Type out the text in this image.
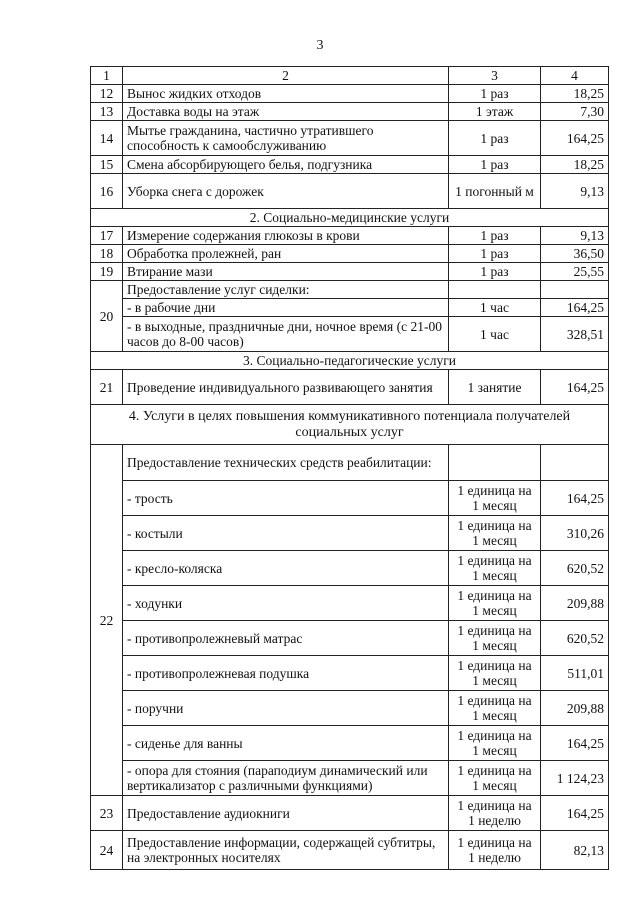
3
1	2	3	4
12	Вынос жидких отходов	1 раз	18,25
13	Доставка воды на этаж	1 этаж	7,30
14	Мытье гражданина, частично утратившего способность к самообслуживанию	1 раз	164,25
15	Смена абсорбирующего белья, подгузника	1 раз	18,25
16	Уборка снега с дорожек	1 погонный м	9,13
2. Социально-медицинские услуги			
17	Измерение содержания глюкозы в крови	1 раз	9,13
18	Обработка пролежней, ран	1 раз	36,50
19	Втирание мази	1 раз	25,55
20	Предоставление услуг сиделки:		
	- в рабочие дни	1 час	164,25
	- в выходные, праздничные дни, ночное время (с 21-00 часов до 8-00 часов)	1 час	328,51
3. Социально-педагогические услуги			
21	Проведение индивидуального развивающего занятия	1 занятие	164,25
4. Услуги в целях повышения коммуникативного потенциала получателей социальных услуг			
22	Предоставление технических средств реабилитации:		
	- трость	1 единица на 1 месяц	164,25
	- костыли	1 единица на 1 месяц	310,26
	- кресло-коляска	1 единица на 1 месяц	620,52
	- ходунки	1 единица на 1 месяц	209,88
	- противопролежневый матрас	1 единица на 1 месяц	620,52
	- противопролежневая подушка	1 единица на 1 месяц	511,01
	- поручни	1 единица на 1 месяц	209,88
	- сиденье для ванны	1 единица на 1 месяц	164,25
	- опора для стояния (параподиум динамический или вертикализатор с различными функциями)	1 единица на 1 месяц	1 124,23
23	Предоставление аудиокниги	1 единица на 1 неделю	164,25
24	Предоставление информации, содержащей субтитры, на электронных носителях	1 единица на 1 неделю	82,13
